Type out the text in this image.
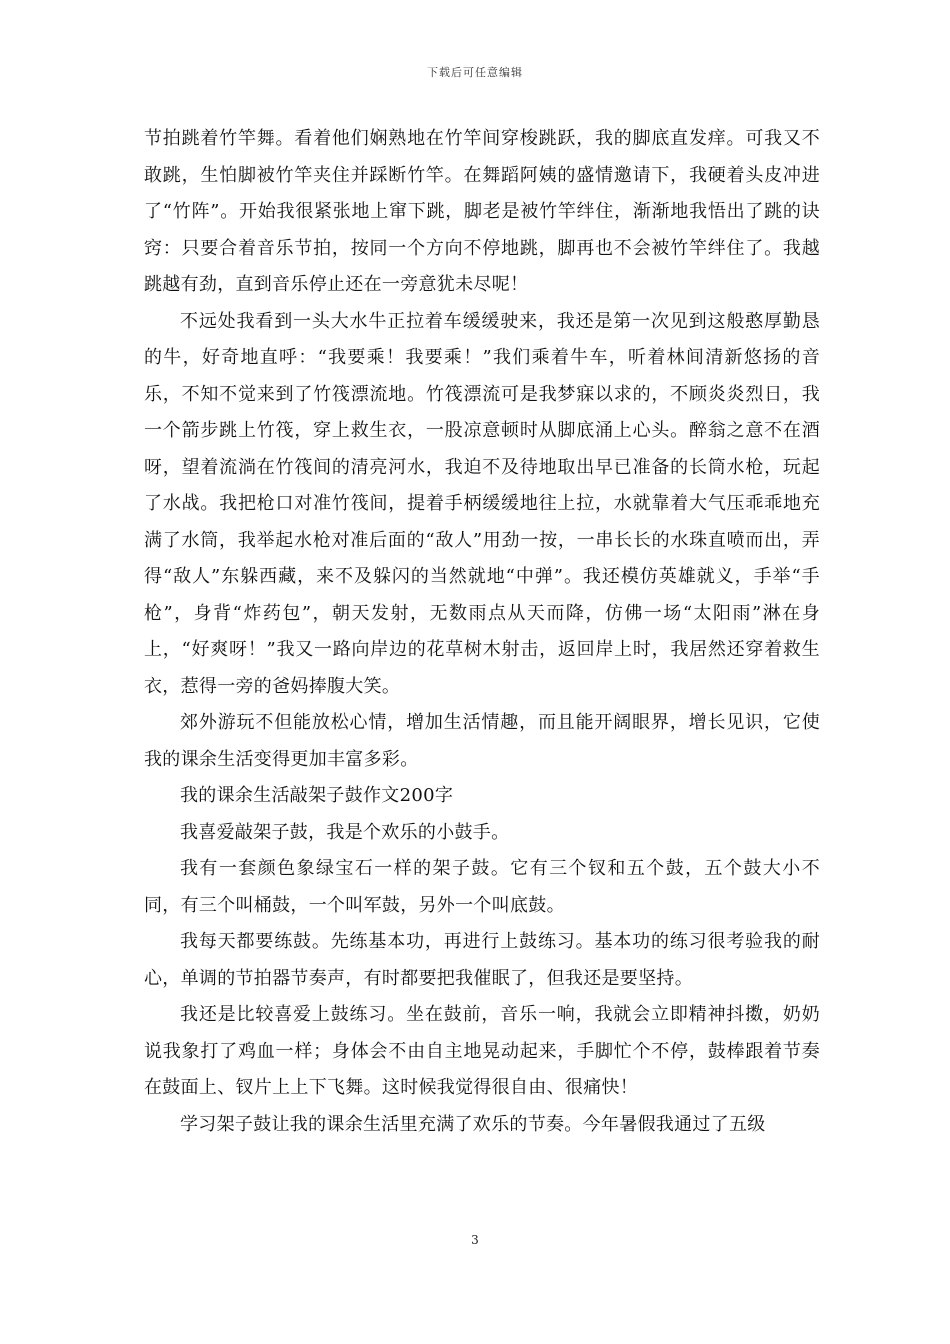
下载后可任意编辑

节拍跳着竹竿舞。看着他们娴熟地在竹竿间穿梭跳跃，我的脚底直发痒。可我又不敢跳，生怕脚被竹竿夹住并踩断竹竿。在舞蹈阿姨的盛情邀请下，我硬着头皮冲进了“竹阵”。开始我很紧张地上窜下跳，脚老是被竹竿绊住，渐渐地我悟出了跳的诀窍：只要合着音乐节拍，按同一个方向不停地跳，脚再也不会被竹竿绊住了。我越跳越有劲，直到音乐停止还在一旁意犹未尽呢！

不远处我看到一头大水牛正拉着车缓缓驶来，我还是第一次见到这般憨厚勤恳的牛，好奇地直呼：“我要乘！我要乘！”我们乘着牛车，听着林间清新悠扬的音乐，不知不觉来到了竹筏漂流地。竹筏漂流可是我梦寐以求的，不顾炎炎烈日，我一个箭步跳上竹筏，穿上救生衣，一股凉意顿时从脚底涌上心头。醉翁之意不在酒呀，望着流淌在竹筏间的清亮河水，我迫不及待地取出早已准备的长筒水枪，玩起了水战。我把枪口对准竹筏间，提着手柄缓缓地往上拉，水就靠着大气压乖乖地充满了水筒，我举起水枪对准后面的“敌人”用劲一按，一串长长的水珠直喷而出，弄得“敌人”东躲西藏，来不及躲闪的当然就地“中弹”。我还模仿英雄就义，手举“手枪”，身背“炸药包”，朝天发射，无数雨点从天而降，仿佛一场“太阳雨”淋在身上，“好爽呀！”我又一路向岸边的花草树木射击，返回岸上时，我居然还穿着救生衣，惹得一旁的爸妈捧腹大笑。

郊外游玩不但能放松心情，增加生活情趣，而且能开阔眼界，增长见识，它使我的课余生活变得更加丰富多彩。

我的课余生活敲架子鼓作文200字

我喜爱敲架子鼓，我是个欢乐的小鼓手。

我有一套颜色象绿宝石一样的架子鼓。它有三个钗和五个鼓，五个鼓大小不同，有三个叫桶鼓，一个叫军鼓，另外一个叫底鼓。

我每天都要练鼓。先练基本功，再进行上鼓练习。基本功的练习很考验我的耐心，单调的节拍器节奏声，有时都要把我催眠了，但我还是要坚持。

我还是比较喜爱上鼓练习。坐在鼓前，音乐一响，我就会立即精神抖擞，奶奶说我象打了鸡血一样；身体会不由自主地晃动起来，手脚忙个不停，鼓棒跟着节奏在鼓面上、钗片上上下飞舞。这时候我觉得很自由、很痛快！

学习架子鼓让我的课余生活里充满了欢乐的节奏。今年暑假我通过了五级

3
